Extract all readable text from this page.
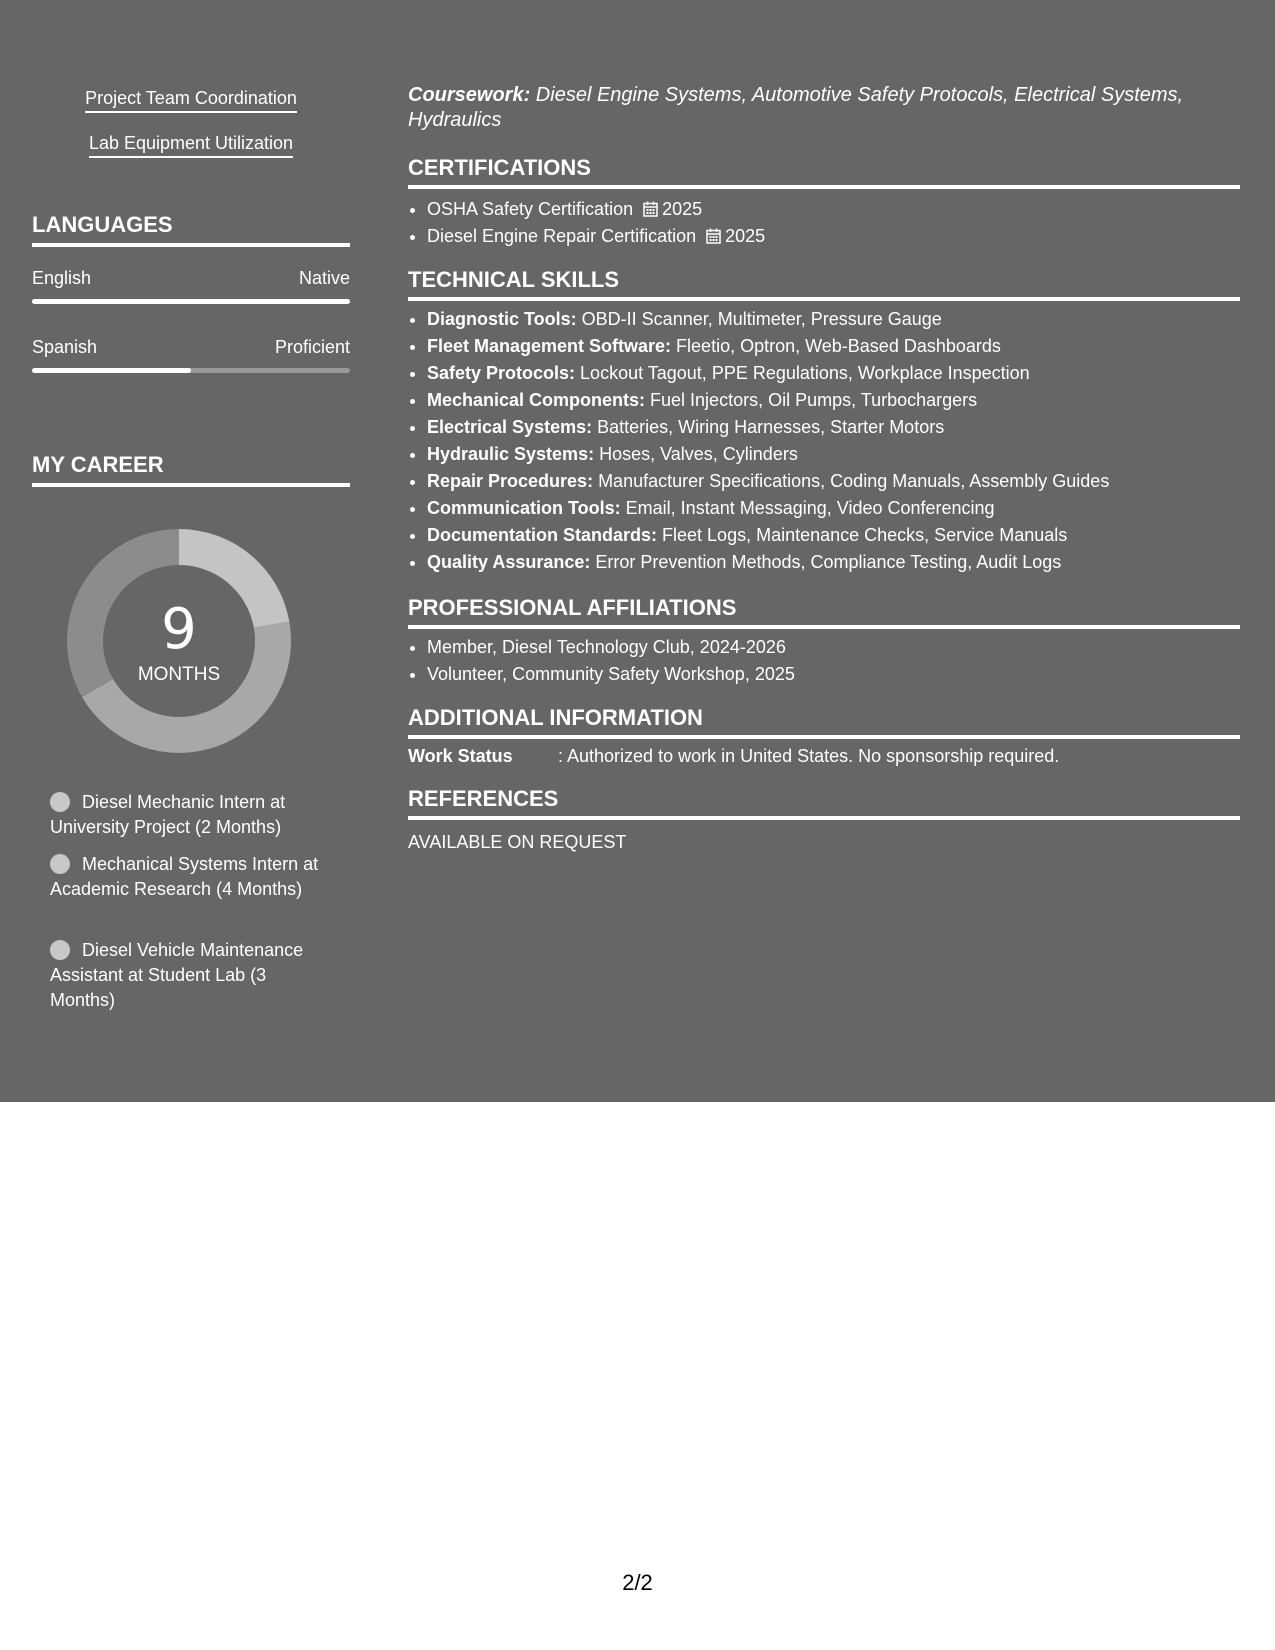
Project Team Coordination
Lab Equipment Utilization
LANGUAGES
English	Native
Spanish	Proficient
MY CAREER
9
MONTHS
Diesel Mechanic Intern at University Project (2 Months)
Mechanical Systems Intern at Academic Research (4 Months)
Diesel Vehicle Maintenance Assistant at Student Lab (3 Months)
Coursework: Diesel Engine Systems, Automotive Safety Protocols, Electrical Systems, Hydraulics
CERTIFICATIONS
• OSHA Safety Certification 2025
• Diesel Engine Repair Certification 2025
TECHNICAL SKILLS
• Diagnostic Tools: OBD-II Scanner, Multimeter, Pressure Gauge
• Fleet Management Software: Fleetio, Optron, Web-Based Dashboards
• Safety Protocols: Lockout Tagout, PPE Regulations, Workplace Inspection
• Mechanical Components: Fuel Injectors, Oil Pumps, Turbochargers
• Electrical Systems: Batteries, Wiring Harnesses, Starter Motors
• Hydraulic Systems: Hoses, Valves, Cylinders
• Repair Procedures: Manufacturer Specifications, Coding Manuals, Assembly Guides
• Communication Tools: Email, Instant Messaging, Video Conferencing
• Documentation Standards: Fleet Logs, Maintenance Checks, Service Manuals
• Quality Assurance: Error Prevention Methods, Compliance Testing, Audit Logs
PROFESSIONAL AFFILIATIONS
• Member, Diesel Technology Club, 2024-2026
• Volunteer, Community Safety Workshop, 2025
ADDITIONAL INFORMATION
Work Status	: Authorized to work in United States. No sponsorship required.
REFERENCES
AVAILABLE ON REQUEST
2/2
